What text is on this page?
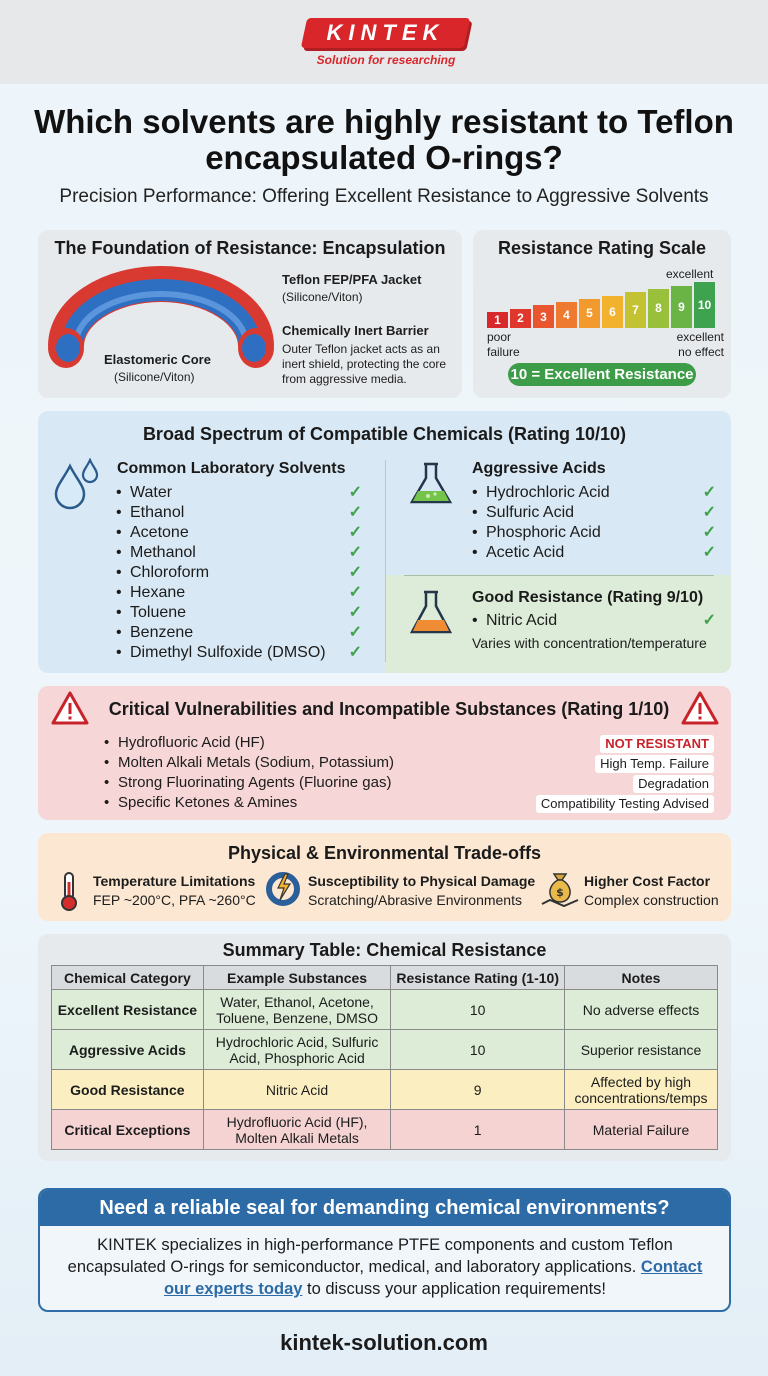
KINTEK
Solution for researching
Which solvents are highly resistant to Teflon encapsulated O-rings?
Precision Performance: Offering Excellent Resistance to Aggressive Solvents
The Foundation of Resistance: Encapsulation
Elastomeric Core
(Silicone/Viton)
Teflon FEP/PFA Jacket
(Silicone/Viton)
Chemically Inert Barrier
Outer Teflon jacket acts as an inert shield, protecting the core from aggressive media.
Resistance Rating Scale
excellent
1	2	3	4	5	6	7	8	9	10
poor failure
excellent no effect
10 = Excellent Resistance
Broad Spectrum of Compatible Chemicals (Rating 10/10)
Common Laboratory Solvents
• Water	✓
• Ethanol	✓
• Acetone	✓
• Methanol	✓
• Chloroform	✓
• Hexane	✓
• Toluene	✓
• Benzene	✓
• Dimethyl Sulfoxide (DMSO) ✓
Aggressive Acids
• Hydrochloric Acid	✓
• Sulfuric Acid	✓
• Phosphoric Acid	✓
• Acetic Acid	✓
Good Resistance (Rating 9/10)
• Nitric Acid	✓
Varies with concentration/temperature
Critical Vulnerabilities and Incompatible Substances (Rating 1/10)
• Hydrofluoric Acid (HF)
• Molten Alkali Metals (Sodium, Potassium)
• Strong Fluorinating Agents (Fluorine gas)
• Specific Ketones & Amines
NOT RESISTANT
High Temp. Failure
Degradation
Compatibility Testing Advised
Physical & Environmental Trade-offs
$
Temperature Limitations
FEP ~200°C, PFA ~260°C
Susceptibility to Physical Damage
Scratching/Abrasive Environments
Higher Cost Factor
Complex construction
Summary Table: Chemical Resistance
Chemical Category	Example Substances	Resistance Rating (1-10)	Notes
Excellent Resistance	Water, Ethanol, Acetone, Toluene, Benzene, DMSO	10	No adverse effects
Aggressive Acids	Hydrochloric Acid, Sulfuric Acid, Phosphoric Acid	10	Superior resistance
Good Resistance	Nitric Acid	9	Affected by high concentrations/temps
Critical Exceptions	Hydrofluoric Acid (HF), Molten Alkali Metals	1	Material Failure
Need a reliable seal for demanding chemical environments?
KINTEK specializes in high-performance PTFE components and custom Teflon encapsulated O-rings for semiconductor, medical, and laboratory applications. Contact our experts today to discuss your application requirements!
kintek-solution.com
